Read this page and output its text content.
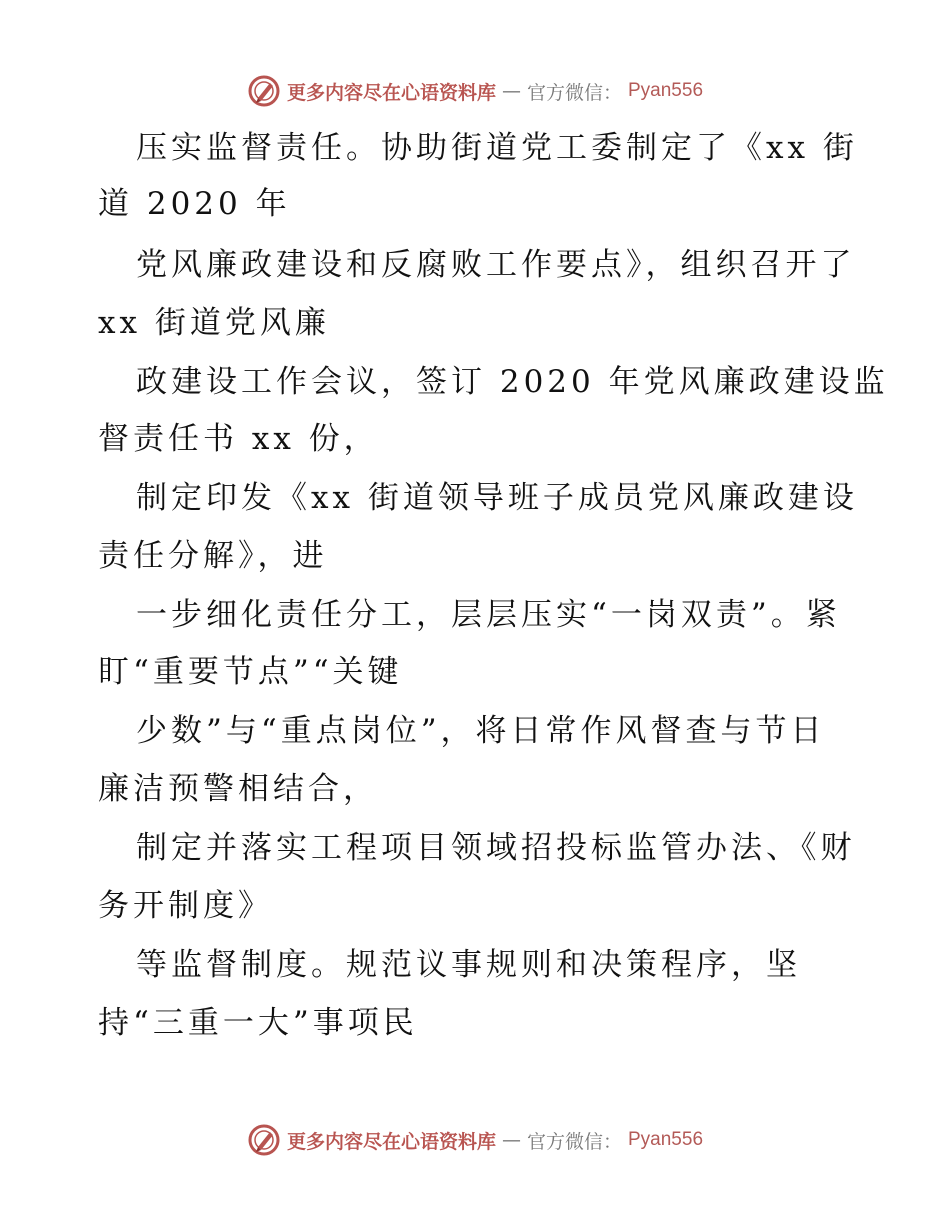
更多内容尽在心语资料库 — 官方微信： Pyan556
压实监督责任。协助街道党工委制定了《xx 街
道 2020 年
党风廉政建设和反腐败工作要点》，组织召开了
xx 街道党风廉
政建设工作会议，签订 2020 年党风廉政建设监
督责任书 xx 份，
制定印发《xx 街道领导班子成员党风廉政建设
责任分解》，进
一步细化责任分工，层层压实“一岗双责”。紧
盯“重要节点”“关键
少数”与“重点岗位”，将日常作风督查与节日
廉洁预警相结合，
制定并落实工程项目领域招投标监管办法、《财
务开制度》
等监督制度。规范议事规则和决策程序，坚
持“三重一大”事项民
更多内容尽在心语资料库 — 官方微信： Pyan556
